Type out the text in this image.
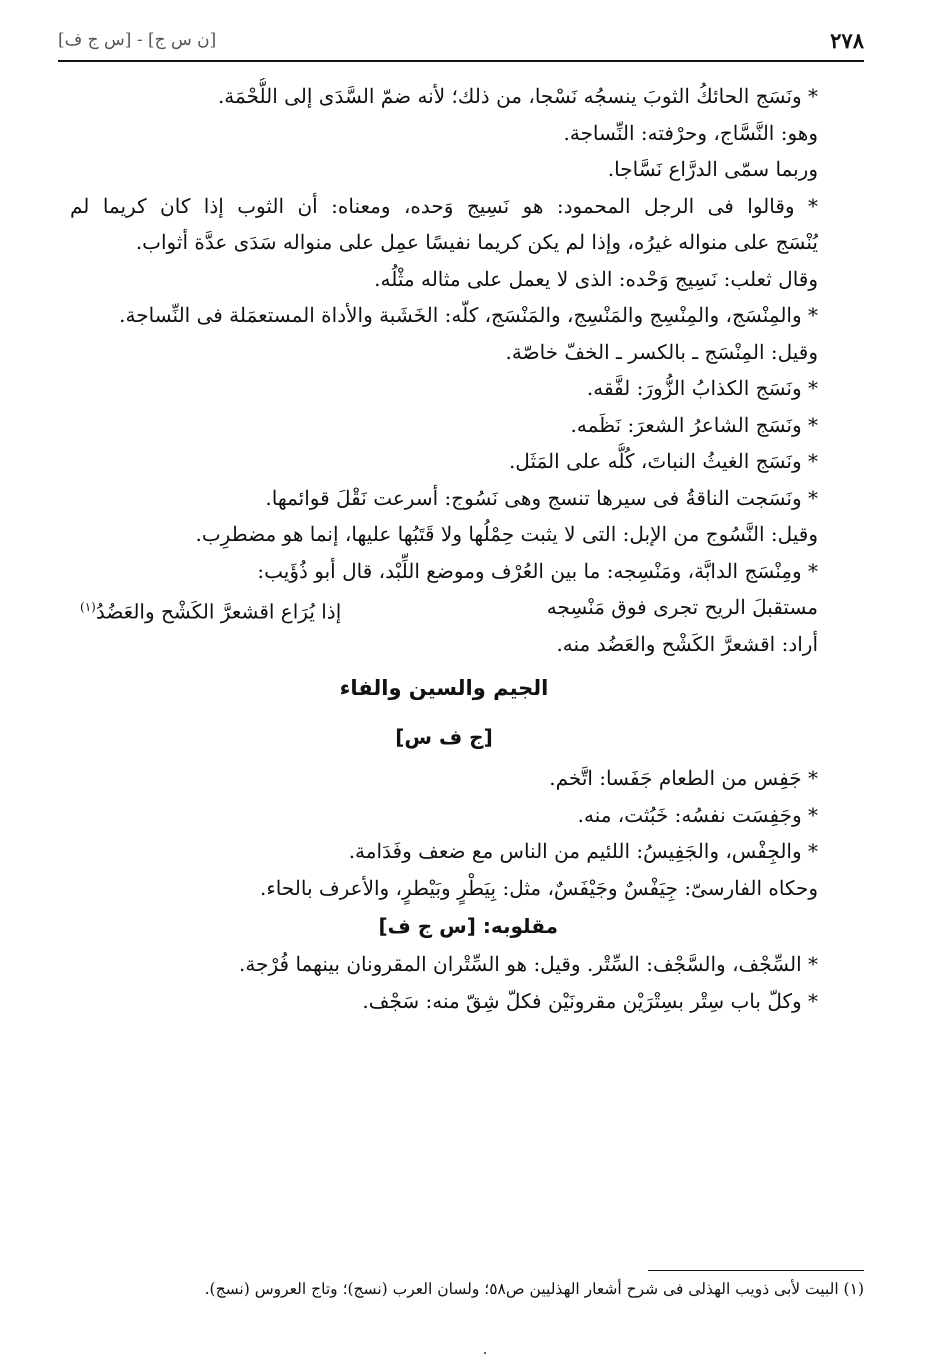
٢٧٨
[ن س ج] - [س ج ف]
* ونَسَج الحائكُ الثوبَ ينسجُه نَسْجا، من ذلك؛ لأنه ضمّ السَّدَى إلى اللُّحْمَة.
وهو: النَّسَّاج، وحرْفته: النِّساجة.
وربما سمّى الدرَّاع نَسَّاجا.
* وقالوا فى الرجل المحمود: هو نَسِيج وَحده، ومعناه: أن الثوب إذا كان كريما لم
يُنْسَج على منواله غيرُه، وإذا لم يكن كريما نفيسًا عمِل على منواله سَدَى عدَّة أثواب.
وقال ثعلب: نَسِيج وَحْده: الذى لا يعمل على مثاله مثْلُه.
* والمِنْسَج، والمِنْسِج والمَنْسِج، والمَنْسَج، كلّه: الخَشَبة والأداة المستعمَلة فى النِّساجة.
وقيل: المِنْسَج ـ بالكسر ـ الخفّ خاصّة.
* ونَسَج الكذابُ الزُّورَ: لفَّقه.
* ونَسَج الشاعرُ الشعرَ: نَظَمه.
* ونَسَج الغيثُ النباتَ، كُلُّه على المَثَل.
* ونَسَجت الناقةُ فى سيرها تنسج وهى نَسُوج: أسرعت نَقْلَ قوائمها.
وقيل: النَّسُوج من الإبل: التى لا يثبت حِمْلُها ولا قَتَبُها عليها، إنما هو مضطرِب.
* ومِنْسَج الدابَّة، ومَنْسِجه: ما بين العُرْف وموضع اللِّبْد، قال أبو ذُؤَيب:
مستقبلَ الريح تجرى فوق مَنْسِجه
إذا يُرَاع اقشعرَّ الكَشْح والعَضُدُ$^{(١)}$
أراد: اقشعرَّ الكَشْح والعَضُد منه.
الجيم والسين والفاء
[ج ف س]
* جَفِس من الطعام جَفَسا: اتَّخم.
* وجَفِسَت نفسُه: خَبُثت، منه.
* والجِفْس، والجَفِيسُ: اللئيم من الناس مع ضعف وفَدَامة.
وحكاه الفارسىّ: جِيَفْسٌ وجَيْفَسٌ، مثل: بِيَطْرٍ وبَيْطرٍ، والأعرف بالحاء.
مقلوبه: [س ج ف]
* السِّجْف، والسَّجْف: السِّتْر. وقيل: هو السِّتْران المقرونان بينهما فُرْجة.
* وكلّ باب سِتْر بسِتْرَيْن مقرونَيْن فكلّ شِقّ منه: سَجْف.
(١) البيت لأبى ذويب الهذلى فى شرح أشعار الهذليين ص٥٨؛ ولسان العرب (نسج)؛ وتاج العروس (نسج).
